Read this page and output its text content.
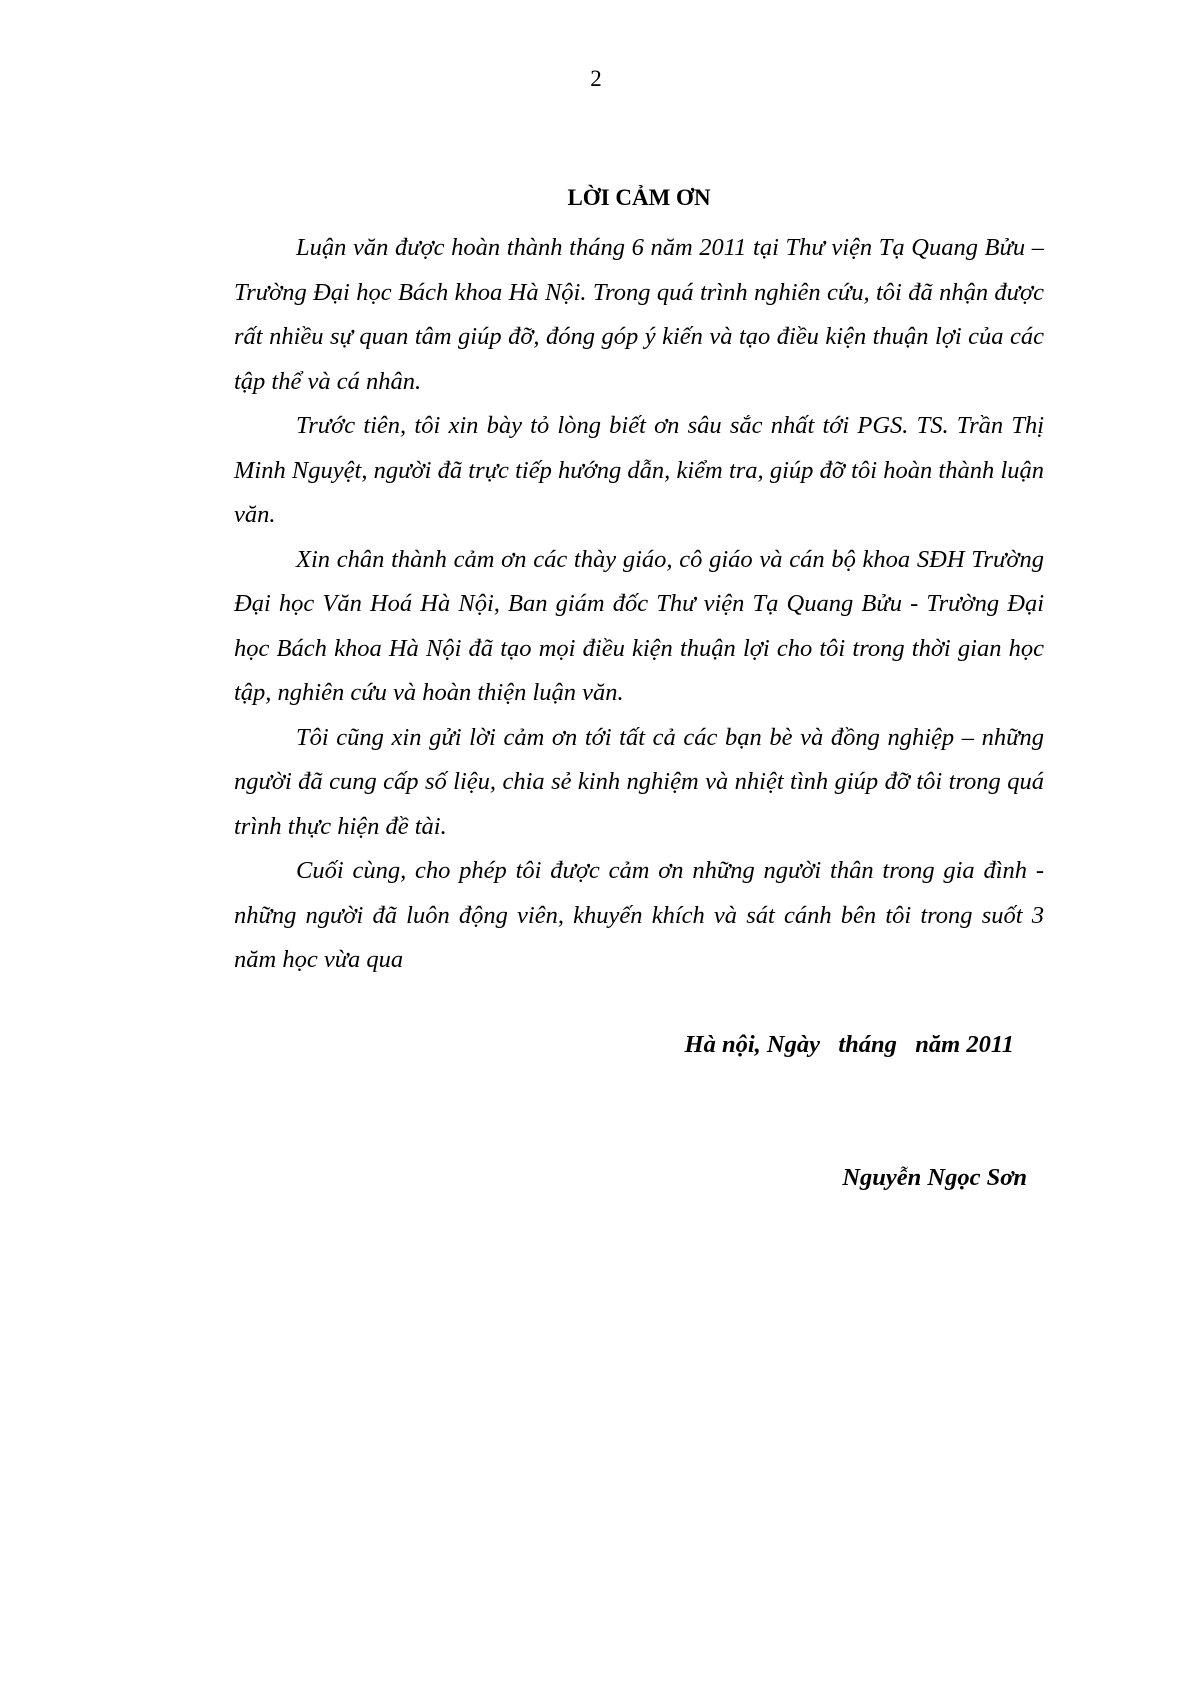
2
LỜI CẢM ƠN

Luận văn được hoàn thành tháng 6 năm 2011 tại Thư viện Tạ Quang Bửu – Trường Đại học Bách khoa Hà Nội. Trong quá trình nghiên cứu, tôi đã nhận được rất nhiều sự quan tâm giúp đỡ, đóng góp ý kiến và tạo điều kiện thuận lợi của các tập thể và cá nhân.

Trước tiên, tôi xin bày tỏ lòng biết ơn sâu sắc nhất tới PGS. TS. Trần Thị Minh Nguyệt, người đã trực tiếp hướng dẫn, kiểm tra, giúp đỡ tôi hoàn thành luận văn.

Xin chân thành cảm ơn các thày giáo, cô giáo và cán bộ khoa SĐH Trường Đại học Văn Hoá Hà Nội, Ban giám đốc Thư viện Tạ Quang Bửu - Trường Đại học Bách khoa Hà Nội đã tạo mọi điều kiện thuận lợi cho tôi trong thời gian học tập, nghiên cứu và hoàn thiện luận văn.

Tôi cũng xin gửi lời cảm ơn tới tất cả các bạn bè và đồng nghiệp – những người đã cung cấp số liệu, chia sẻ kinh nghiệm và nhiệt tình giúp đỡ tôi trong quá trình thực hiện đề tài.

Cuối cùng, cho phép tôi được cảm ơn những người thân trong gia đình - những người đã luôn động viên, khuyến khích và sát cánh bên tôi trong suốt 3 năm học vừa qua

Hà nội, Ngày   tháng   năm 2011
Nguyễn Ngọc Sơn
